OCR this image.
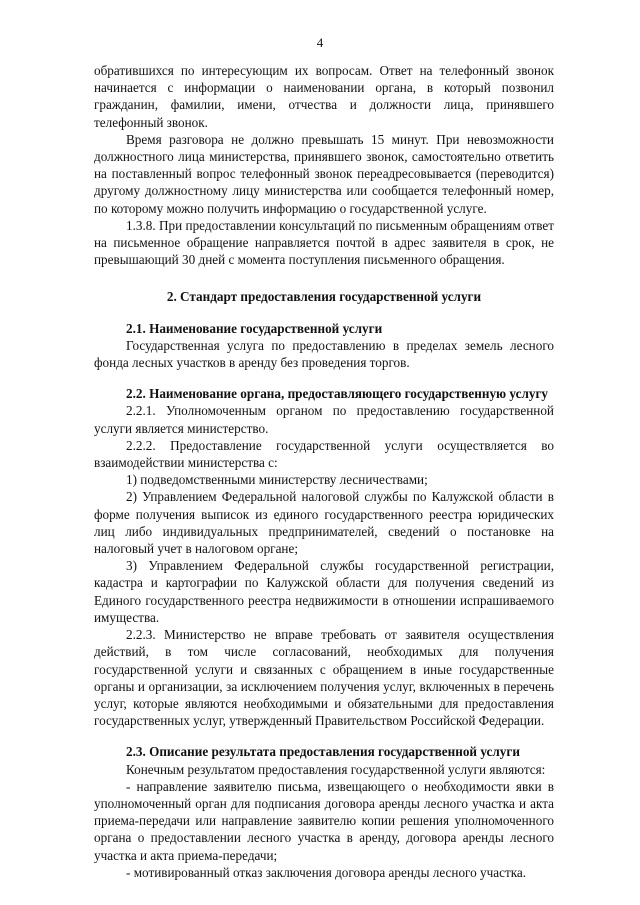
4

обратившихся по интересующим их вопросам. Ответ на телефонный звонок начинается с информации о наименовании органа, в который позвонил гражданин, фамилии, имени, отчества и должности лица, принявшего телефонный звонок.

Время разговора не должно превышать 15 минут. При невозможности должностного лица министерства, принявшего звонок, самостоятельно ответить на поставленный вопрос телефонный звонок переадресовывается (переводится) другому должностному лицу министерства или сообщается телефонный номер, по которому можно получить информацию о государственной услуге.

1.3.8. При предоставлении консультаций по письменным обращениям ответ на письменное обращение направляется почтой в адрес заявителя в срок, не превышающий 30 дней с момента поступления письменного обращения.

2. Стандарт предоставления государственной услуги
2.1. Наименование государственной услуги

Государственная услуга по предоставлению в пределах земель лесного фонда лесных участков в аренду без проведения торгов.

2.2. Наименование органа, предоставляющего государственную услугу

2.2.1. Уполномоченным органом по предоставлению государственной услуги является министерство.

2.2.2. Предоставление государственной услуги осуществляется во взаимодействии министерства с:

1) подведомственными министерству лесничествами;

2) Управлением Федеральной налоговой службы по Калужской области в форме получения выписок из единого государственного реестра юридических лиц либо индивидуальных предпринимателей, сведений о постановке на налоговый учет в налоговом органе;

3) Управлением Федеральной службы государственной регистрации, кадастра и картографии по Калужской области для получения сведений из Единого государственного реестра недвижимости в отношении испрашиваемого имущества.

2.2.3. Министерство не вправе требовать от заявителя осуществления действий, в том числе согласований, необходимых для получения государственной услуги и связанных с обращением в иные государственные органы и организации, за исключением получения услуг, включенных в перечень услуг, которые являются необходимыми и обязательными для предоставления государственных услуг, утвержденный Правительством Российской Федерации.

2.3. Описание результата предоставления государственной услуги

Конечным результатом предоставления государственной услуги являются:

- направление заявителю письма, извещающего о необходимости явки в уполномоченный орган для подписания договора аренды лесного участка и акта приема-передачи или направление заявителю копии решения уполномоченного органа о предоставлении лесного участка в аренду, договора аренды лесного участка и акта приема-передачи;

- мотивированный отказ заключения договора аренды лесного участка.
